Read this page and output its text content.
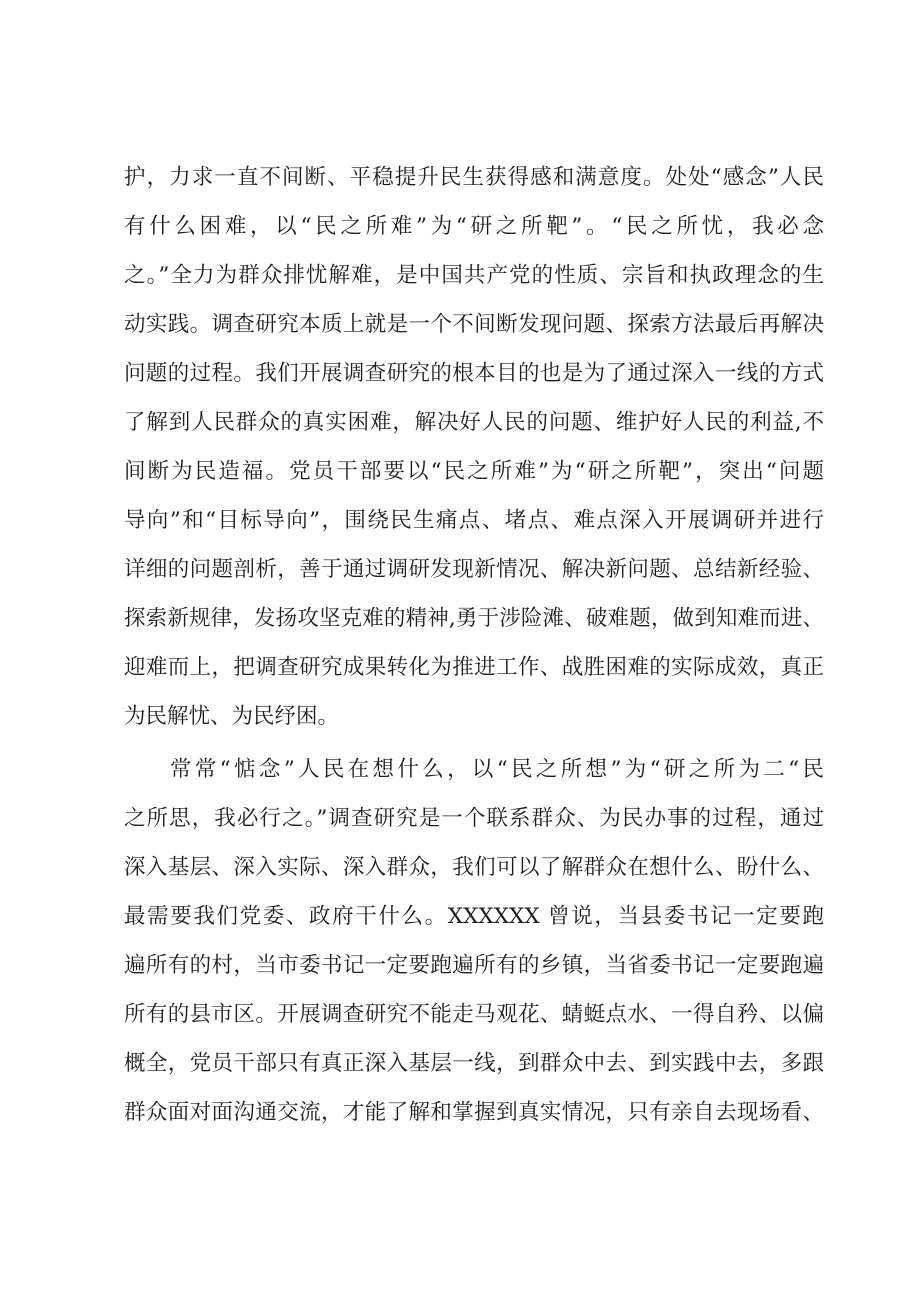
护，力求一直不间断、平稳提升民生获得感和满意度。处处“感念”人民
有什么困难，以“民之所难”为“研之所靶”。“民之所忧，我必念
之。”全力为群众排忧解难，是中国共产党的性质、宗旨和执政理念的生
动实践。调查研究本质上就是一个不间断发现问题、探索方法最后再解决
问题的过程。我们开展调查研究的根本目的也是为了通过深入一线的方式
了解到人民群众的真实困难，解决好人民的问题、维护好人民的利益,不
间断为民造福。党员干部要以“民之所难”为“研之所靶”，突出“问题
导向”和“目标导向”，围绕民生痛点、堵点、难点深入开展调研并进行
详细的问题剖析，善于通过调研发现新情况、解决新问题、总结新经验、
探索新规律，发扬攻坚克难的精神,勇于涉险滩、破难题，做到知难而进、
迎难而上，把调查研究成果转化为推进工作、战胜困难的实际成效，真正
为民解忧、为民纾困。
常常“惦念”人民在想什么，以“民之所想”为“研之所为二“民
之所思，我必行之。”调查研究是一个联系群众、为民办事的过程，通过
深入基层、深入实际、深入群众，我们可以了解群众在想什么、盼什么、
最需要我们党委、政府干什么。XXXXXX 曾说，当县委书记一定要跑
遍所有的村，当市委书记一定要跑遍所有的乡镇，当省委书记一定要跑遍
所有的县市区。开展调查研究不能走马观花、蜻蜓点水、一得自矜、以偏
概全，党员干部只有真正深入基层一线，到群众中去、到实践中去，多跟
群众面对面沟通交流，才能了解和掌握到真实情况，只有亲自去现场看、
